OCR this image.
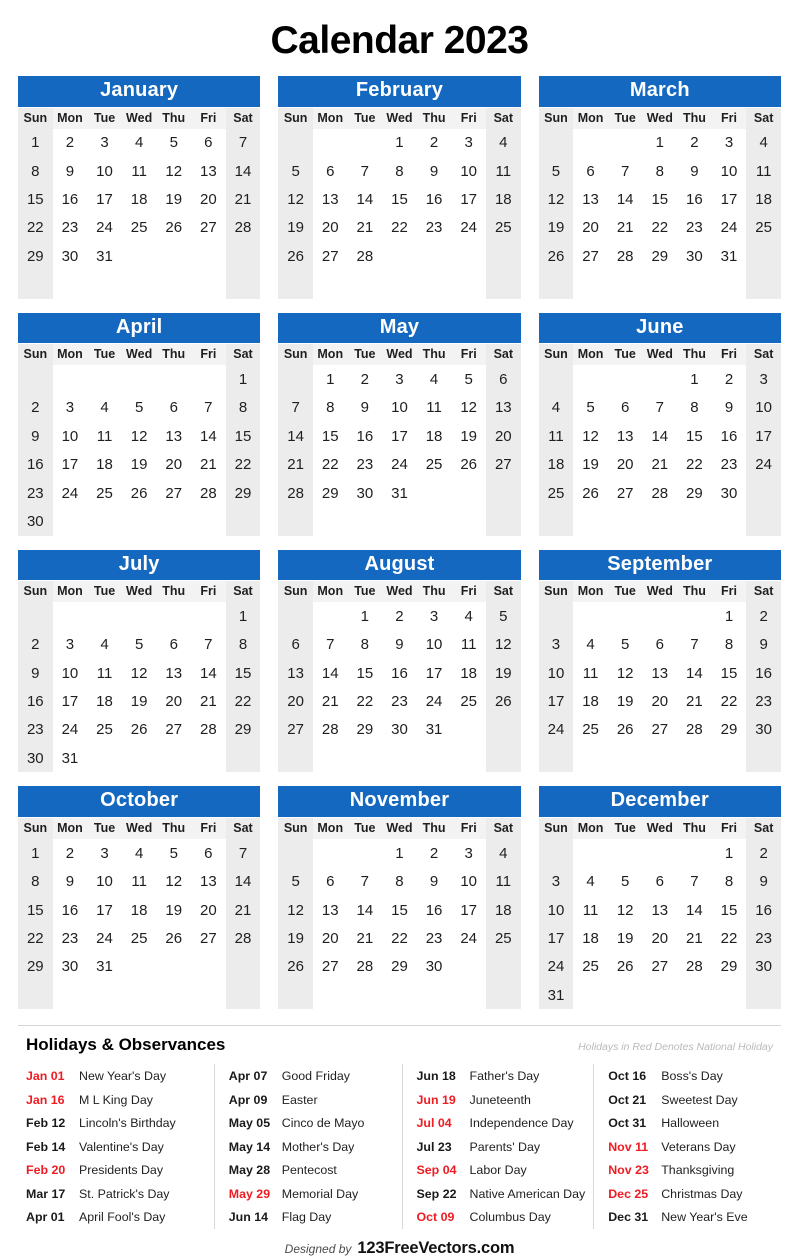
Calendar 2023
January
Sun	Mon	Tue	Wed	Thu	Fri	Sat
1	2	3	4	5	6	7
8	9	10	11	12	13	14
15	16	17	18	19	20	21
22	23	24	25	26	27	28
29	30	31				

February
Sun	Mon	Tue	Wed	Thu	Fri	Sat
			1	2	3	4
5	6	7	8	9	10	11
12	13	14	15	16	17	18
19	20	21	22	23	24	25
26	27	28				

March
Sun	Mon	Tue	Wed	Thu	Fri	Sat
			1	2	3	4
5	6	7	8	9	10	11
12	13	14	15	16	17	18
19	20	21	22	23	24	25
26	27	28	29	30	31	

April
Sun	Mon	Tue	Wed	Thu	Fri	Sat
						1
2	3	4	5	6	7	8
9	10	11	12	13	14	15
16	17	18	19	20	21	22
23	24	25	26	27	28	29
30						
May
Sun	Mon	Tue	Wed	Thu	Fri	Sat
	1	2	3	4	5	6
7	8	9	10	11	12	13
14	15	16	17	18	19	20
21	22	23	24	25	26	27
28	29	30	31			

June
Sun	Mon	Tue	Wed	Thu	Fri	Sat
				1	2	3
4	5	6	7	8	9	10
11	12	13	14	15	16	17
18	19	20	21	22	23	24
25	26	27	28	29	30	

July
Sun	Mon	Tue	Wed	Thu	Fri	Sat
						1
2	3	4	5	6	7	8
9	10	11	12	13	14	15
16	17	18	19	20	21	22
23	24	25	26	27	28	29
30	31					
August
Sun	Mon	Tue	Wed	Thu	Fri	Sat
		1	2	3	4	5
6	7	8	9	10	11	12
13	14	15	16	17	18	19
20	21	22	23	24	25	26
27	28	29	30	31		

September
Sun	Mon	Tue	Wed	Thu	Fri	Sat
					1	2
3	4	5	6	7	8	9
10	11	12	13	14	15	16
17	18	19	20	21	22	23
24	25	26	27	28	29	30

October
Sun	Mon	Tue	Wed	Thu	Fri	Sat
1	2	3	4	5	6	7
8	9	10	11	12	13	14
15	16	17	18	19	20	21
22	23	24	25	26	27	28
29	30	31				

November
Sun	Mon	Tue	Wed	Thu	Fri	Sat
			1	2	3	4
5	6	7	8	9	10	11
12	13	14	15	16	17	18
19	20	21	22	23	24	25
26	27	28	29	30		

December
Sun	Mon	Tue	Wed	Thu	Fri	Sat
					1	2
3	4	5	6	7	8	9
10	11	12	13	14	15	16
17	18	19	20	21	22	23
24	25	26	27	28	29	30
31						
Holidays & Observances	Holidays in Red Denotes National Holiday
Jan 01	New Year's Day
Jan 16	M L King Day
Feb 12	Lincoln's Birthday
Feb 14	Valentine's Day
Feb 20	Presidents Day
Mar 17	St. Patrick's Day
Apr 01	April Fool's Day
Apr 07	Good Friday
Apr 09	Easter
May 05 Cinco de Mayo
May 14 Mother's Day
May 28 Pentecost
May 29 Memorial Day
Jun 14	Flag Day
Jun 18	Father's Day
Jun 19	Juneteenth
Jul 04	Independence Day
Jul 23	Parents' Day
Sep 04	Labor Day
Sep 22	Native American Day
Oct 09	Columbus Day
Oct 16	Boss's Day
Oct 21	Sweetest Day
Oct 31	Halloween
Nov 11	Veterans Day
Nov 23 Thanksgiving
Dec 25	Christmas Day
Dec 31	New Year's Eve
Designed by 123FreeVectors.com
